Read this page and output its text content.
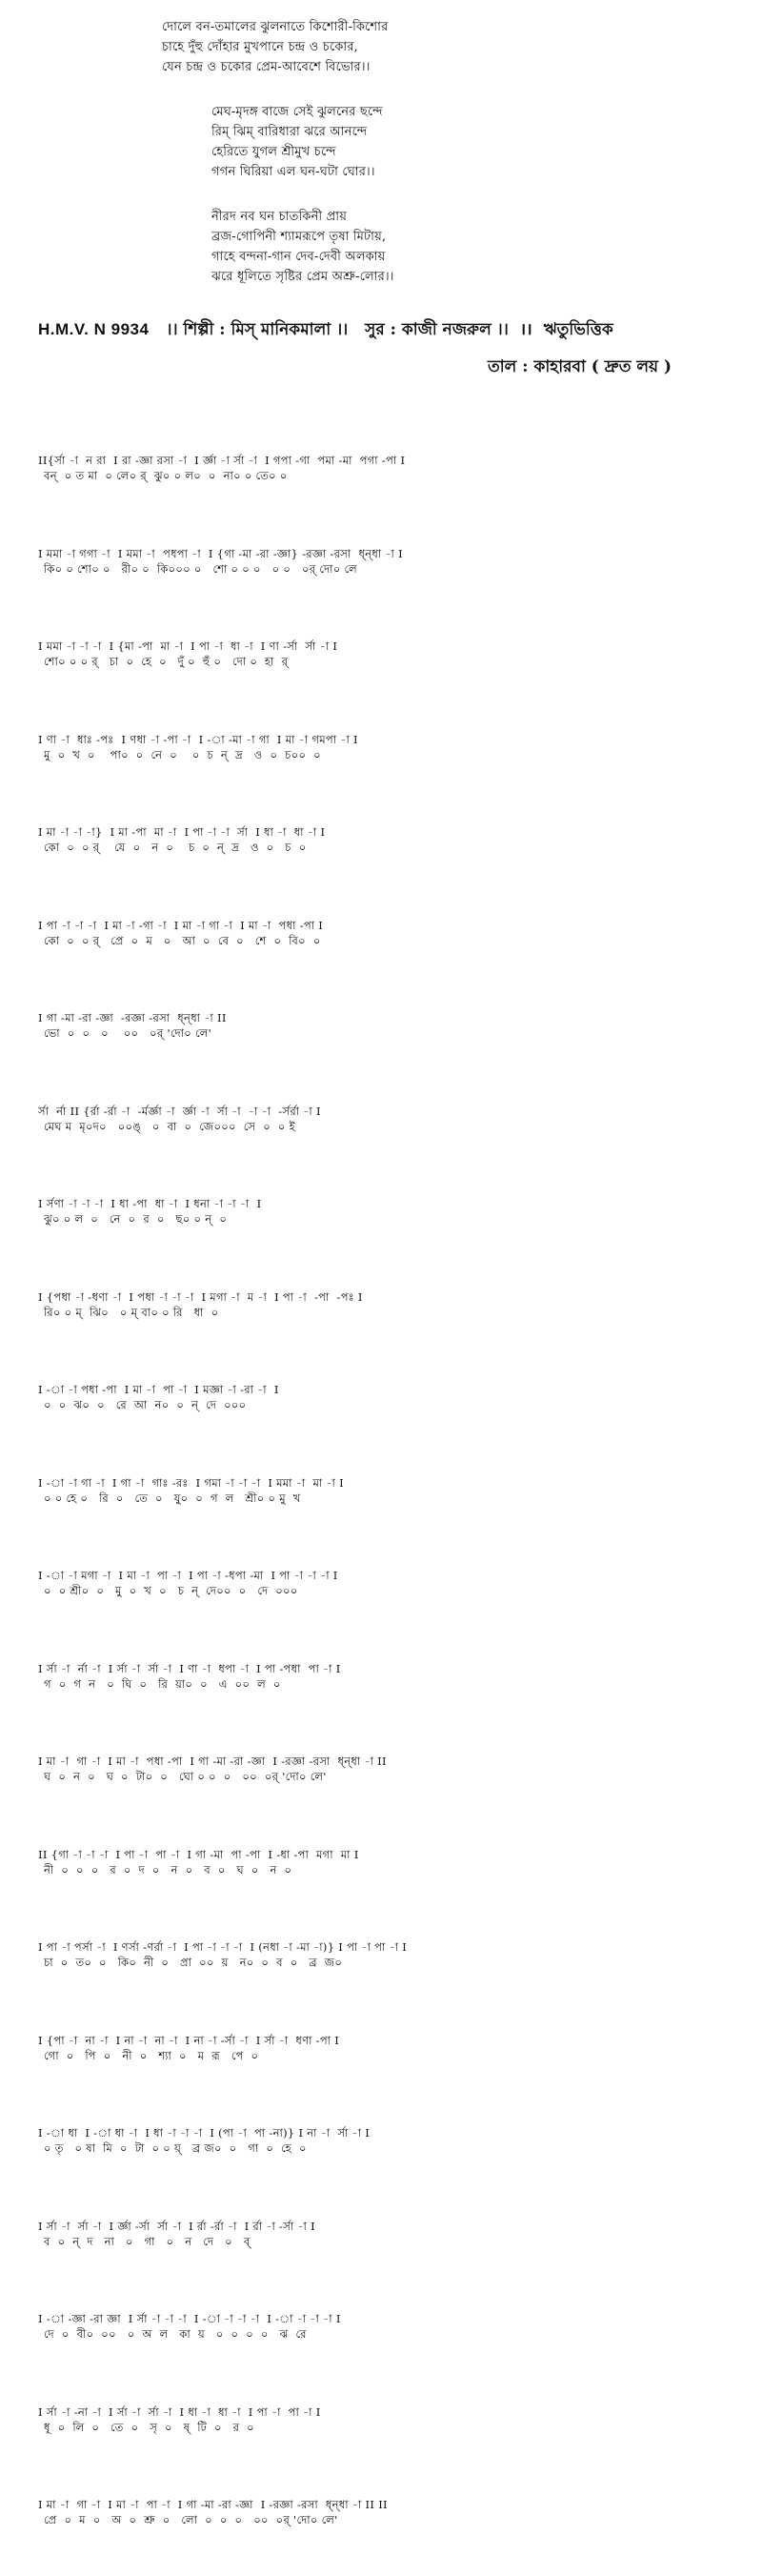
দোলে বন-তমালের ঝুলনাতে কিশোরী-কিশোর
চাহে দুঁহু দোঁহার মুখপানে চন্দ্র ও চকোর,
যেন চন্দ্র ও চকোর প্রেম-আবেশে বিভোর।।
মেঘ-মৃদঙ্গ বাজে সেই ঝুলনের ছন্দে
রিম্‌ ঝিম্‌ বারিধারা ঝরে আনন্দে
হেরিতে যুগল শ্রীমুখ চন্দে
গগন ঘিরিয়া এল ঘন-ঘটা ঘোর।।
নীরদ নব ঘন চাতকিনী প্রায়
ব্রজ-গোপিনী শ্যামরূপে তৃষা মিটায়,
গাহে বন্দনা-গান দেব-দেবী অলকায়
ঝরে ধূলিতে সৃষ্টির প্রেম অশ্রু-লোর।।
H.M.V. N 9934 ।। শিল্পী : মিস্‌ মানিকমালা ।। সুর : কাজী নজরুল ।। ।। ঋতুভিত্তিক
তাল : কাহারবা ( দ্রুত লয় )
II{র্সা -া  ন রা  I রা -জ্ঞা রসা -া  I র্জ্ঞা -া র্সা -া  I গপা -গা  পমা -মা  পগা -পা I
বন্‌  ০ ত মা  ০ লে০ র্‌  ঝু০ ০ ল০  ০  না০ ০ তে০ ০
I মমা -া গগা -া  I মমা -া  পধপা -া  I {গা -মা -রা -জ্ঞা} -রজ্ঞা -রসা  ধ্‌ন্‌ধা -া I
কি০ ০ শো০ ০   রী০ ০  কি০০০ ০   শো ০ ০ ০   ০ ০   ০র্‌ দো০ লে
I মমা -া -া -া  I {মা -পা  মা -া  I পা -া  ধা -া  I ণা -র্সা  র্সা -া I
শো০ ০ ০ র্‌   চা  ০  হে  ০   দুঁ ০  হুঁ ০   দো ০  হা  র্‌
I ণা -া  ধাঃ -পঃ  I ণধা -া -পা -া  I -া -মা -া গা  I মা -া গমপা -া I
মু  ০  খ  ০    পা০  ০  নে  ০    ০  চ  ন্‌  দ্র   ও  ০  চ০০  ০
I মা -া -া -া}  I মা -পা  মা -া  I পা -া -া  র্সা  I ধা -া  ধা -া I
কো  ০  ০ র্‌    যে  ০   ন  ০    চ  ০  ন্‌  দ্র   ও  ০   চ  ০
I পা -া -া -া  I মা -া -গা -া  I মা -া গা -া  I মা -া  পধা -পা I
কো  ০  ০ র্‌   প্রে  ০  ম   ০   আ  ০  বে  ০   শে  ০  বি০  ০
I গা -মা -রা -জ্ঞা  -রজ্ঞা -রসা  ধ্‌ন্‌ধা -া II
ভো  ০  ০   ০    ০০   ০র্‌ 'দো০ লে'
র্সা  র্না II {র্রা -র্রা -া  -র্মর্জ্ঞা -া  র্জ্ঞা -া  র্সা -া  -া -া  -র্সর্রা -া I
মেঘ ম  মৃ০দ০   ০০ঙ্‌   ০  বা  ০  জে০০০  সে  ০  ০ ই
I র্সণা -া -া -া  I ধা -পা  ধা -া  I ধনা -া -া -া  I
ঝু০ ০ ল  ০   নে  ০  র  ০   ছ০ ০ ন্‌  ০
I {পধা -া -ধণা -া  I পধা -া -া -া  I মগা -া  ম -া  I পা -া  -পা  -পঃ I
রি০ ০ ম্‌  ঝি০   ০ ম্‌ বা০ ০ রি   ধা  ০
I -া -া পধা -পা  I মা -া  পা -া  I মজ্ঞা -া -রা -া  I
০  ০  ঝ০  ০   রে  আ  ন০  ০  ন্‌  দে  ০০০
I -া -া গা -া  I গা -া  গাঃ -রঃ  I গমা -া -া -া  I মমা -া  মা -া I
০ ০ হে ০   রি  ০   তে  ০   যু০  ০  গ  ল   শ্রী০ ০ মু  খ
I -া -া মগা -া  I মা -া  পা -া  I পা -া -ধপা -মা  I পা -া -া -া I
০  ০ শ্রী০  ০   মু  ০  খ  ০   চ  ন্‌  দে০০  ০   দে  ০০০
I র্সা -া  র্না -া  I র্সা -া  র্সা -া  I ণা -া  ধপা -া  I পা -পধা  পা -া I
গ  ০  গ  ন   ০  ঘি  ০   রি  য়া০  ০   এ  ০০  ল  ০
I মা -া  গা -া  I মা -া  পধা -পা  I গা -মা -রা -জ্ঞা  I -রজ্ঞা -রসা  ধ্‌ন্‌ধা -া II
ঘ  ০  ন  ০   ঘ  ০  টা০  ০   ঘো ০ ০  ০   ০০  ০র্‌ 'দো০ লে'
II {গা -া -া -া  I পা -া  পা -া  I গা -মা  পা -পা  I -ধা -পা  মগা  মা I
নী  ০  ০  ০   র  ০  দ  ০   ন  ০   ব  ০   ঘ  ০   ন  ০
I পা -া পর্সা -া  I ণর্সা -ণর্রা -া  I পা -া -া -া  I (নধা -া -মা -া)} I পা -া পা -া I
চা  ০  ত০  ০   কি০  নী  ০   প্রা  ০০  য়   ন০  ০  ব  ০   ব্র  জ০
I {পা -া  না -া  I না -া  না -া  I না -া -র্সা -া  I র্সা -া  ধণা -পা I
গো  ০   পি  ০   নী  ০   শ্যা  ০   ম  রূ   পে  ০
I -া ধা  I -া ধা -া  I ধা -া -া -া  I (পা -া  পা -না)} I না -া  র্সা -া I
০ তৃ   ০ ষা  মি  ০  টা  ০ ০ য়্‌   ব্র জ০  ০   গা  ০  হে  ০
I র্সা -া  র্সা -া  I র্জ্ঞা -র্সা  র্সা -া  I র্রা -র্রা -া  I র্রা -া -র্সা -া I
ব  ০  ন্‌  দ   না   ০   গা   ০   ন   দে   ০   ব্‌
I -া -জ্ঞা -রা জ্ঞা  I র্সা -া -া -া  I -া -া -া -া  I -া -া -া -া I
দে  ০  বী০  ০০   ০  অ  ল   কা  য়   ০  ০  ০  ০   ঝ  রে
I র্সা -া -না -া  I র্সা -া  র্সা -া  I ধা -া  ধা -া  I পা -া  পা -া I
ধূ  ০  লি  ০   তে  ০   সৃ  ০   ষ্‌  টি  ০   র  ০
I মা -া  গা -া  I মা -া  পা -া  I গা -মা -রা -জ্ঞা  I -রজ্ঞা -রসা  ধ্‌ন্‌ধা -া II II
প্রে  ০  ম  ০   অ  ০  শ্রু  ০   লো  ০  ০  ০   ০০  ০র্‌ 'দো০ লে'
